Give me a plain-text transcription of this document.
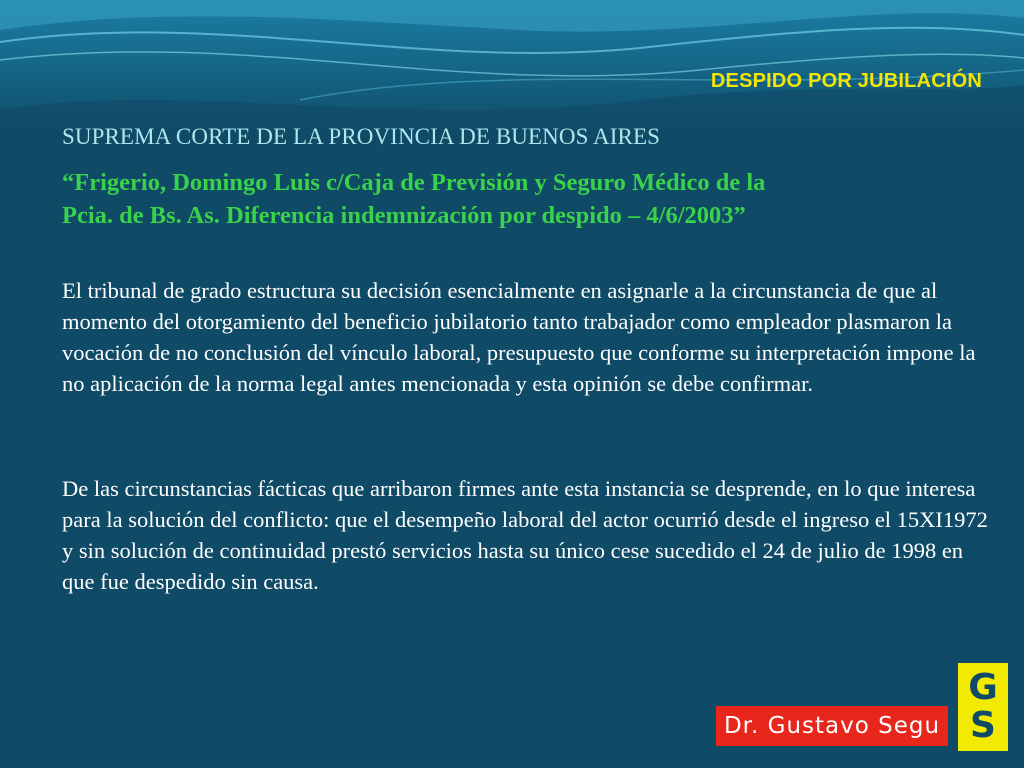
DESPIDO POR JUBILACIÓN
SUPREMA CORTE DE LA PROVINCIA DE BUENOS AIRES
“Frigerio, Domingo Luis c/Caja de Previsión y Seguro Médico de la
Pcia. de Bs. As. Diferencia indemnización por despido – 4/6/2003”
El tribunal de grado estructura su decisión esencialmente en asignarle a la circunstancia de que al momento del otorgamiento del beneficio jubilatorio tanto trabajador como empleador plasmaron la vocación de no conclusión del vínculo laboral, presupuesto que conforme su interpretación impone la no aplicación de la norma legal antes mencionada y esta opinión se debe confirmar.
De las circunstancias fácticas que arribaron firmes ante esta instancia se desprende, en lo que interesa para la solución del conflicto: que el desempeño laboral del actor ocurrió desde el ingreso el 15XI1972 y sin solución de continuidad prestó servicios hasta su único cese sucedido el 24 de julio de 1998 en que fue despedido sin causa.
Dr. Gustavo Segu
G
S
